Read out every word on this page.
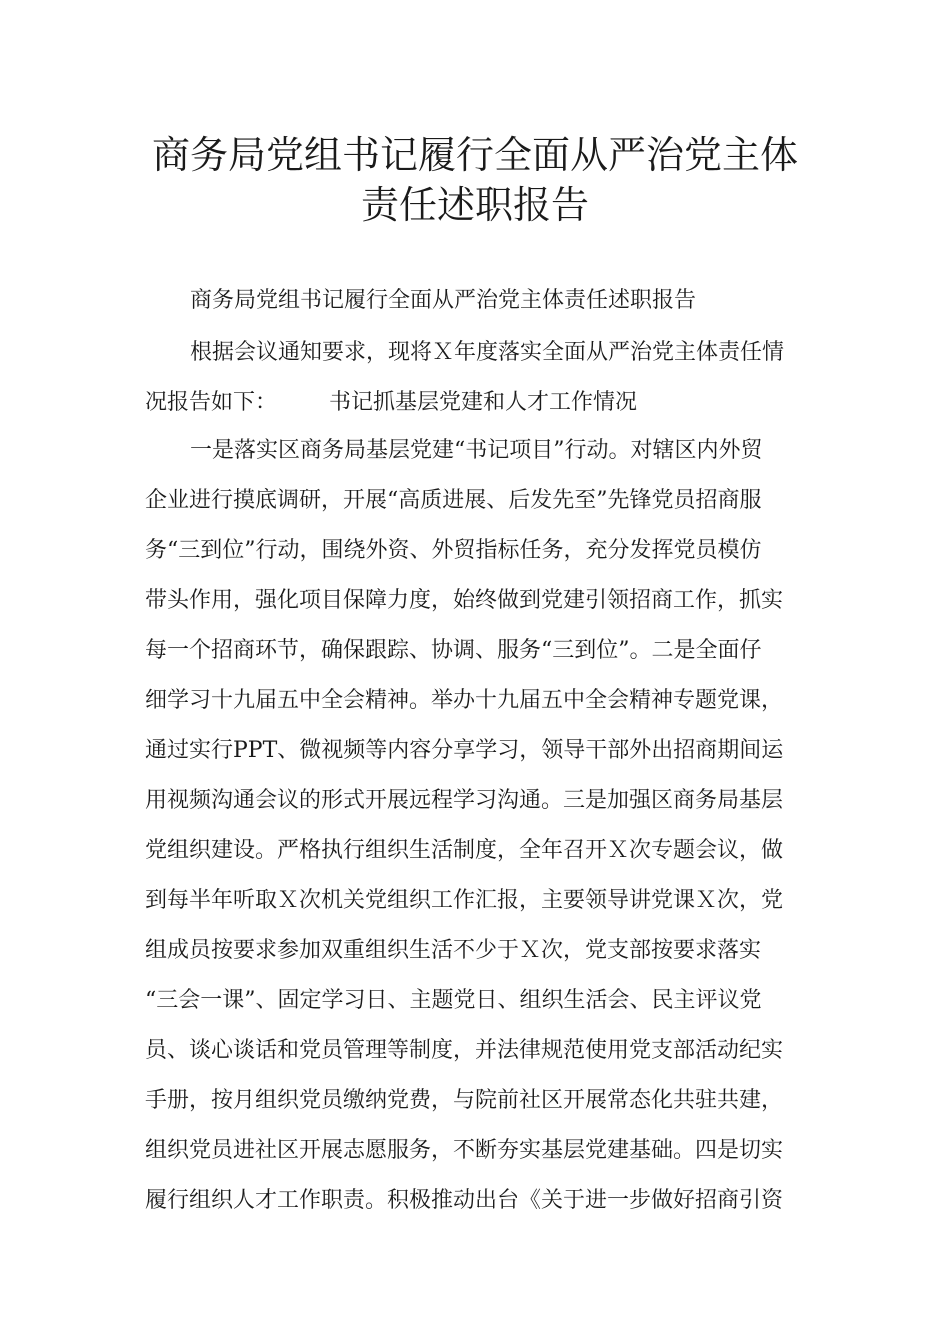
商务局党组书记履行全面从严治党主体
责任述职报告
商务局党组书记履行全面从严治党主体责任述职报告
根据会议通知要求，现将Ｘ年度落实全面从严治党主体责任情
况报告如下： 书记抓基层党建和人才工作情况
一是落实区商务局基层党建“书记项目”行动。对辖区内外贸
企业进行摸底调研，开展“高质进展、后发先至”先锋党员招商服
务“三到位”行动，围绕外资、外贸指标任务，充分发挥党员模仿
带头作用，强化项目保障力度，始终做到党建引领招商工作，抓实
每一个招商环节，确保跟踪、协调、服务“三到位”。二是全面仔
细学习十九届五中全会精神。举办十九届五中全会精神专题党课，
通过实行PPT、微视频等内容分享学习，领导干部外出招商期间运
用视频沟通会议的形式开展远程学习沟通。三是加强区商务局基层
党组织建设。严格执行组织生活制度，全年召开Ｘ次专题会议，做
到每半年听取Ｘ次机关党组织工作汇报，主要领导讲党课Ｘ次，党
组成员按要求参加双重组织生活不少于Ｘ次，党支部按要求落实
“三会一课”、固定学习日、主题党日、组织生活会、民主评议党
员、谈心谈话和党员管理等制度，并法律规范使用党支部活动纪实
手册，按月组织党员缴纳党费，与院前社区开展常态化共驻共建，
组织党员进社区开展志愿服务，不断夯实基层党建基础。四是切实
履行组织人才工作职责。积极推动出台《关于进一步做好招商引资
